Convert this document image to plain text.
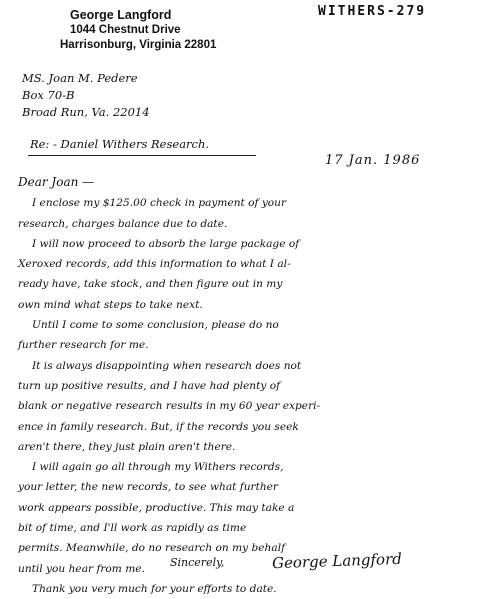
George Langford
1044 Chestnut Drive
Harrisonburg, Virginia 22801
WITHERS-279
MS. Joan M. Pedere
Box 70-B
Broad Run, Va. 22014
Re: - Daniel Withers Research.
17 Jan. 1986
Dear Joan —
I enclose my $125.00 check in payment of your
research, charges balance due to date.
I will now proceed to absorb the large package of
Xeroxed records, add this information to what I al-
ready have, take stock, and then figure out in my
own mind what steps to take next.
Until I come to some conclusion, please do no
further research for me.
It is always disappointing when research does not
turn up positive results, and I have had plenty of
blank or negative research results in my 60 year experi-
ence in family research. But, if the records you seek
aren't there, they just plain aren't there.
I will again go all through my Withers records,
your letter, the new records, to see what further
work appears possible, productive. This may take a
bit of time, and I'll work as rapidly as time
permits. Meanwhile, do no research on my behalf
until you hear from me.
Thank you very much for your efforts to date.
Sincerely,	George Langford
